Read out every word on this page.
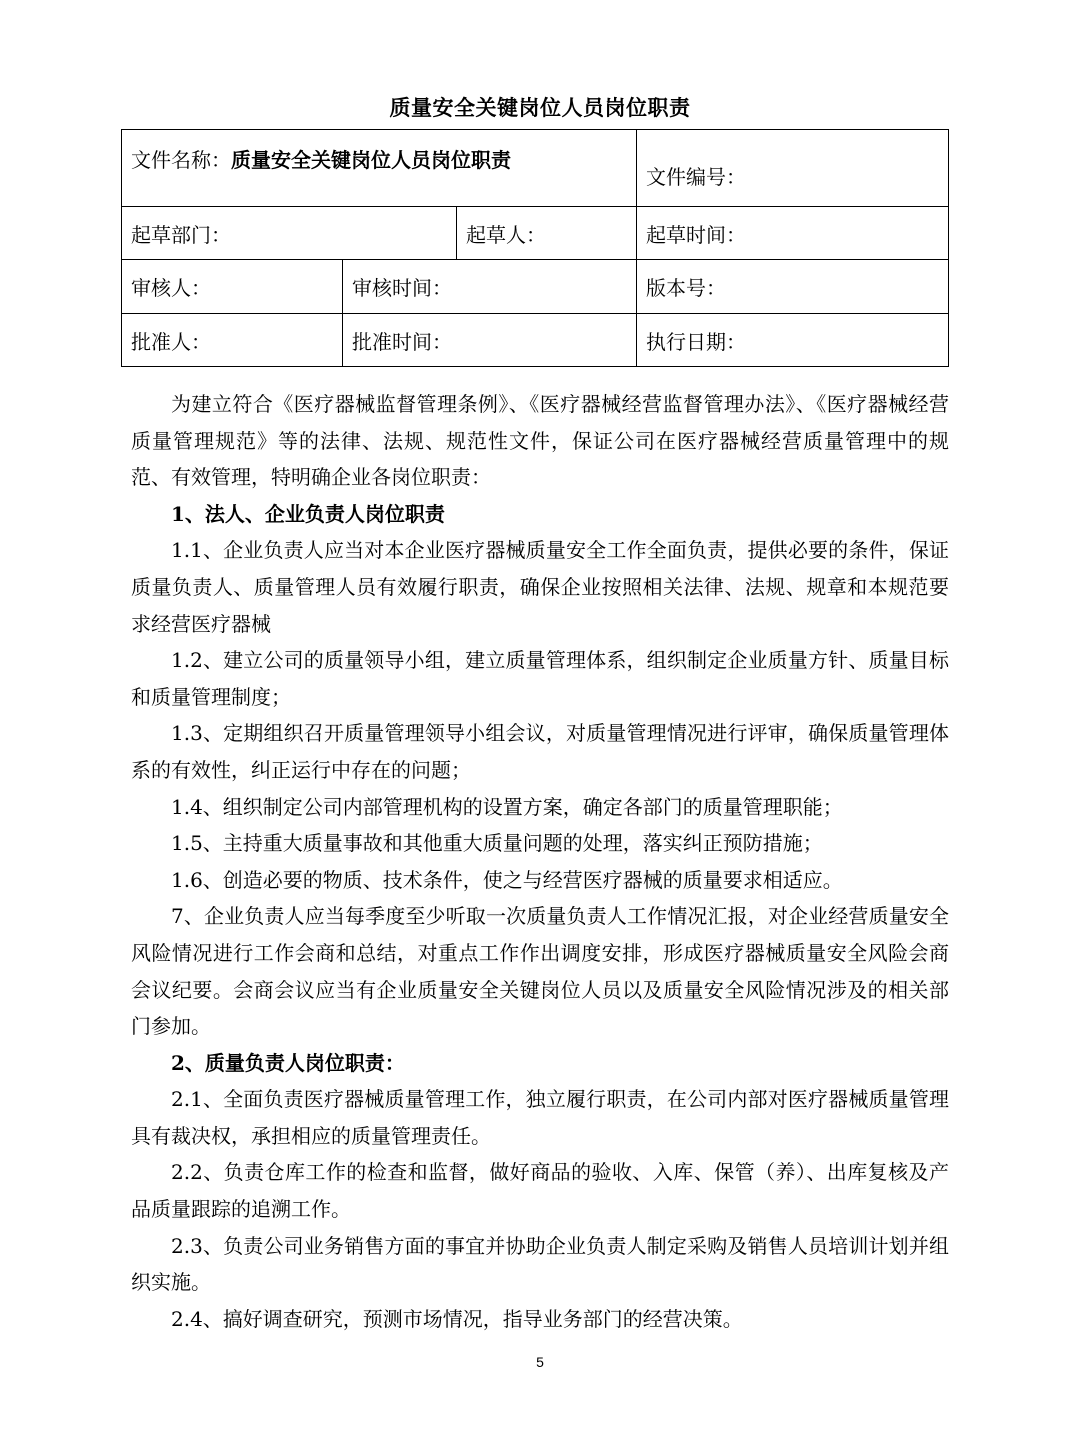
质量安全关键岗位人员岗位职责
文件名称：质量安全关键岗位人员岗位职责			文件编号：
起草部门：		起草人：	起草时间：
审核人：	审核时间：		版本号：
批准人：	批准时间：		执行日期：

为建立符合《医疗器械监督管理条例》、《医疗器械经营监督管理办法》、《医疗器械经营质量管理规范》等的法律、法规、规范性文件，保证公司在医疗器械经营质量管理中的规范、有效管理，特明确企业各岗位职责：

1、法人、企业负责人岗位职责

1.1、企业负责人应当对本企业医疗器械质量安全工作全面负责，提供必要的条件，保证质量负责人、质量管理人员有效履行职责，确保企业按照相关法律、法规、规章和本规范要求经营医疗器械

1.2、建立公司的质量领导小组，建立质量管理体系，组织制定企业质量方针、质量目标和质量管理制度；

1.3、定期组织召开质量管理领导小组会议，对质量管理情况进行评审，确保质量管理体系的有效性，纠正运行中存在的问题；

1.4、组织制定公司内部管理机构的设置方案，确定各部门的质量管理职能；

1.5、主持重大质量事故和其他重大质量问题的处理，落实纠正预防措施；

1.6、创造必要的物质、技术条件，使之与经营医疗器械的质量要求相适应。

7、企业负责人应当每季度至少听取一次质量负责人工作情况汇报，对企业经营质量安全风险情况进行工作会商和总结，对重点工作作出调度安排，形成医疗器械质量安全风险会商会议纪要。会商会议应当有企业质量安全关键岗位人员以及质量安全风险情况涉及的相关部门参加。

2、质量负责人岗位职责：

2.1、全面负责医疗器械质量管理工作，独立履行职责，在公司内部对医疗器械质量管理具有裁决权，承担相应的质量管理责任。

2.2、负责仓库工作的检查和监督，做好商品的验收、入库、保管（养）、出库复核及产品质量跟踪的追溯工作。

2.3、负责公司业务销售方面的事宜并协助企业负责人制定采购及销售人员培训计划并组织实施。

2.4、搞好调查研究，预测市场情况，指导业务部门的经营决策。

5
